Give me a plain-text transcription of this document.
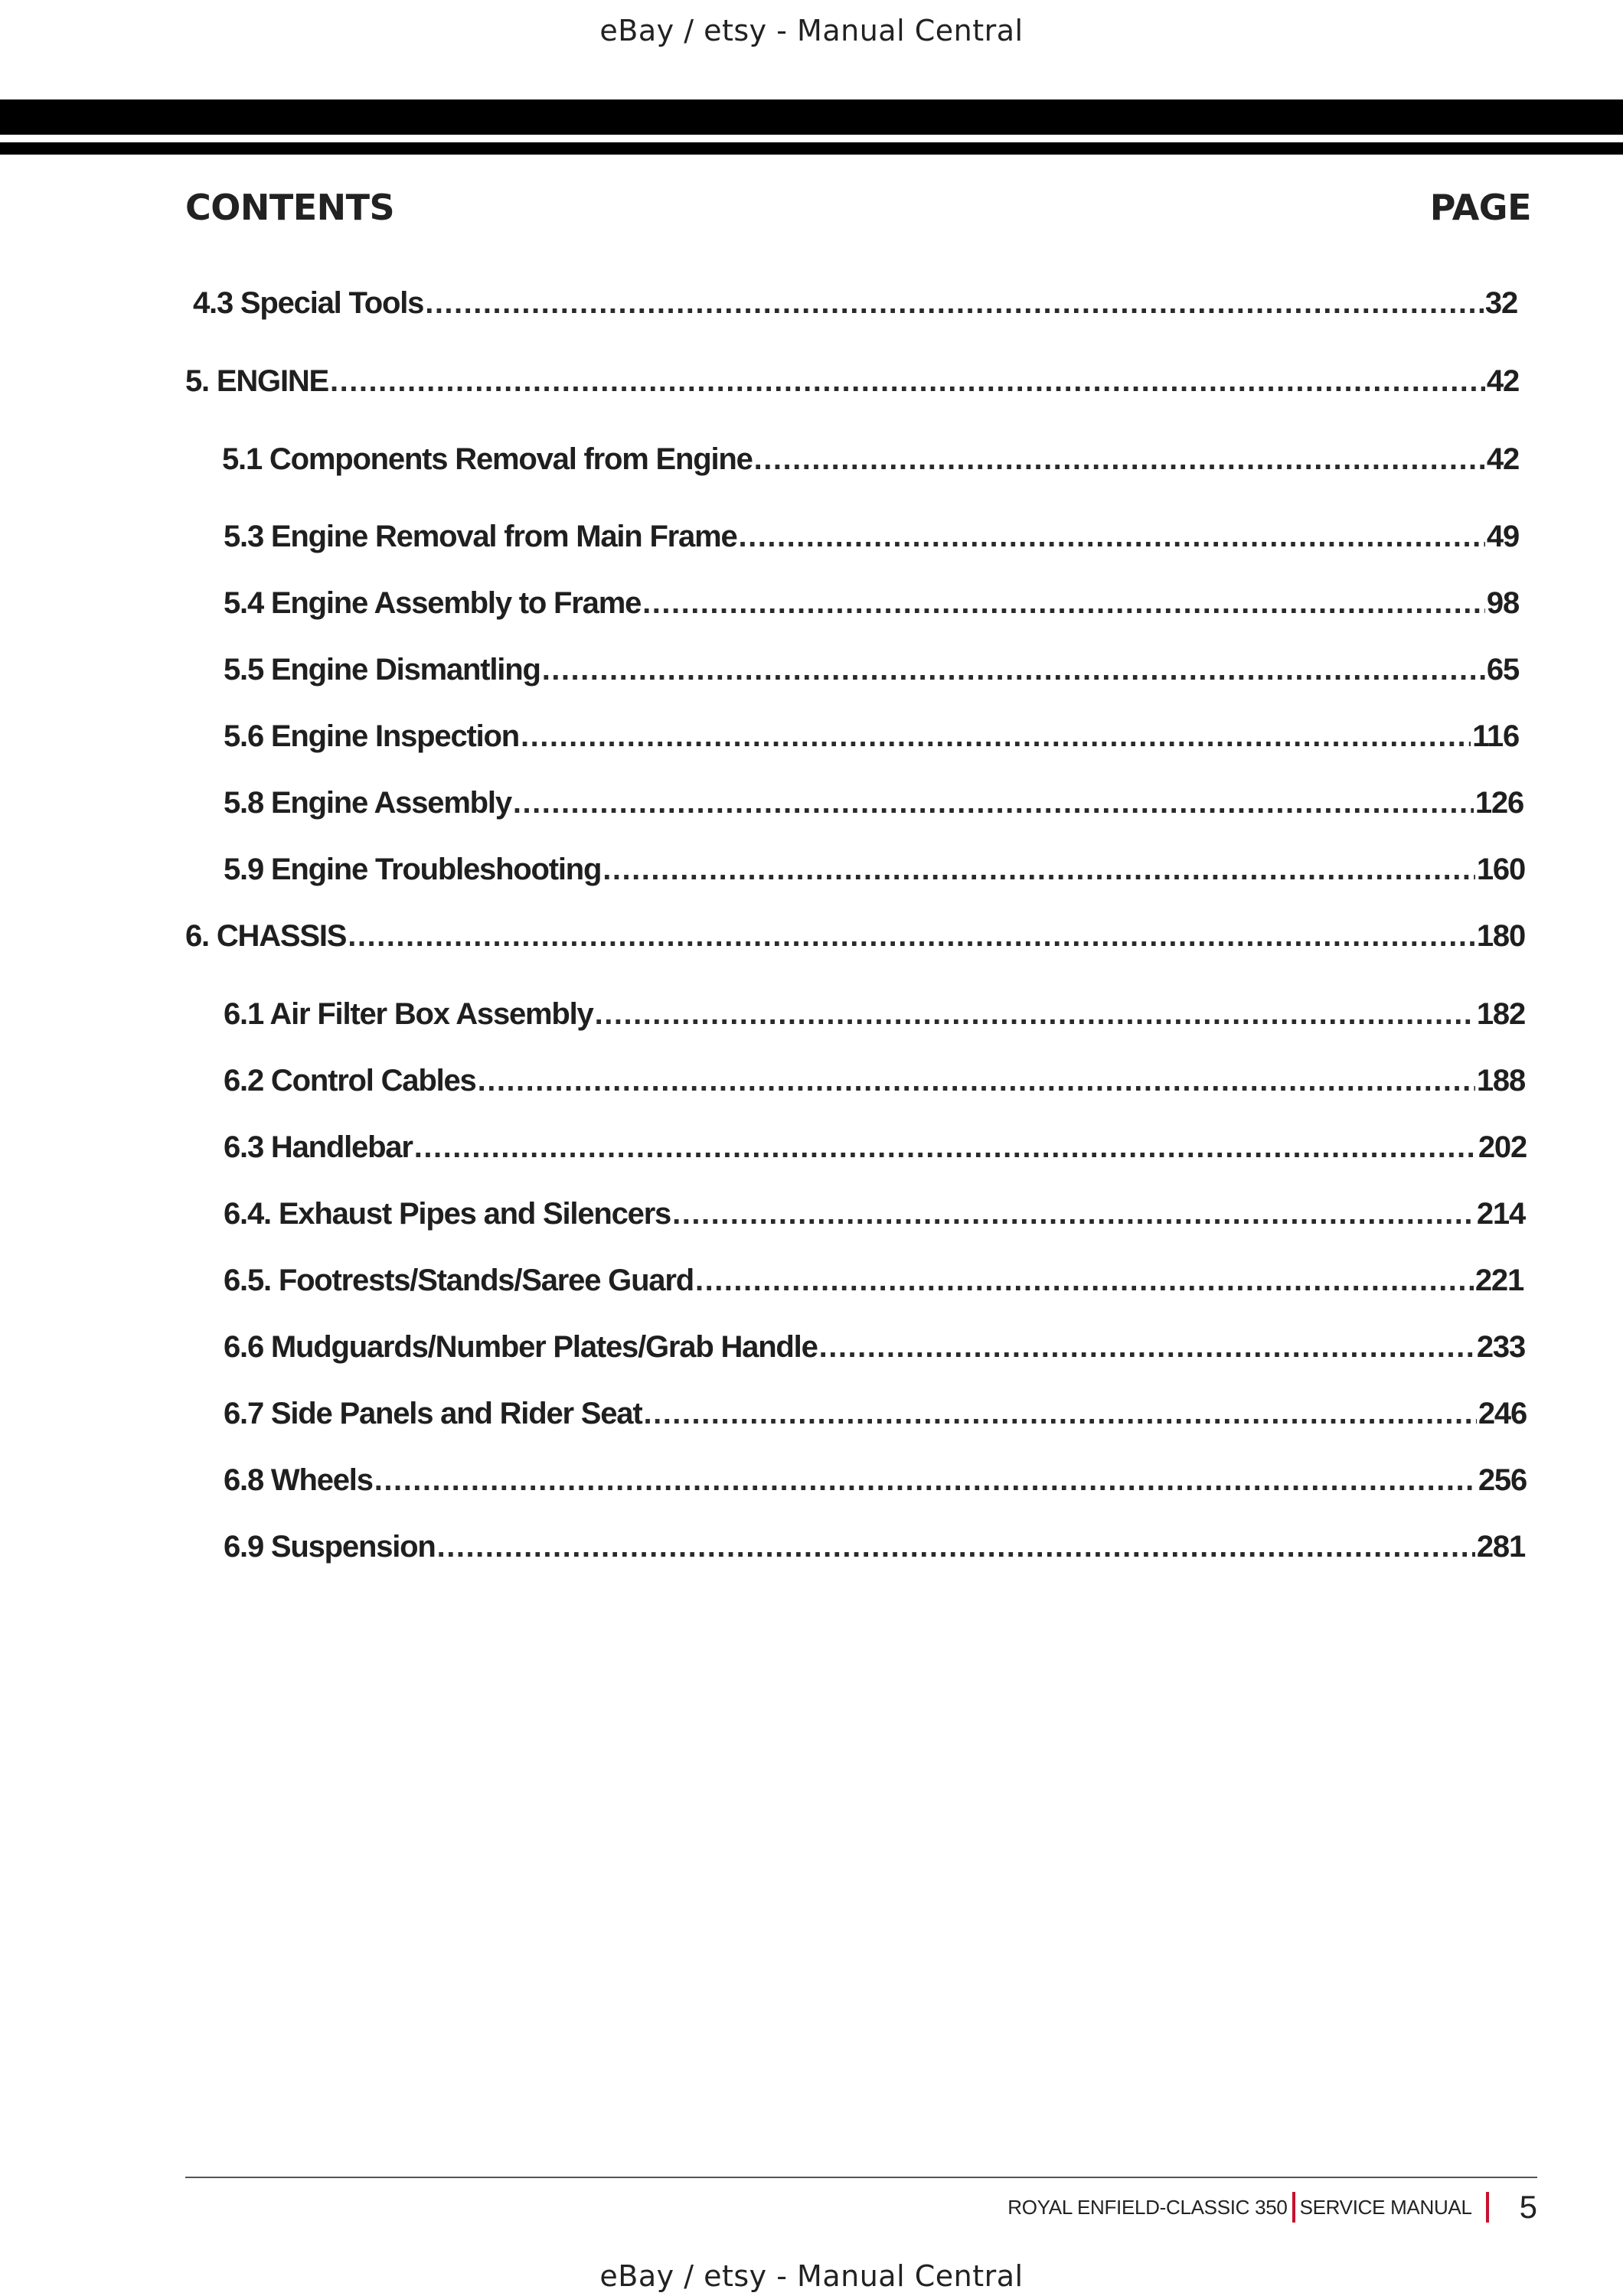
eBay / etsy - Manual Central
CONTENTS	PAGE
4.3 Special Tools .....	32
5. ENGINE .....	42
5.1 Components Removal from Engine .....	42
5.3 Engine Removal from Main Frame .....	49
5.4 Engine Assembly to Frame .....	98
5.5 Engine Dismantling .....	65
5.6 Engine Inspection .....	116
5.8 Engine Assembly .....	126
5.9 Engine Troubleshooting .....	160
6. CHASSIS .....	180
6.1 Air Filter Box Assembly .....	182
6.2 Control Cables .....	188
6.3 Handlebar .....	202
6.4. Exhaust Pipes and Silencers .....	214
6.5. Footrests/Stands/Saree Guard .....	221
6.6 Mudguards/Number Plates/Grab Handle .....	233
6.7 Side Panels and Rider Seat .....	246
6.8 Wheels .....	256
6.9 Suspension .....	281
ROYAL ENFIELD-CLASSIC 350 SERVICE MANUAL 5
eBay / etsy - Manual Central
